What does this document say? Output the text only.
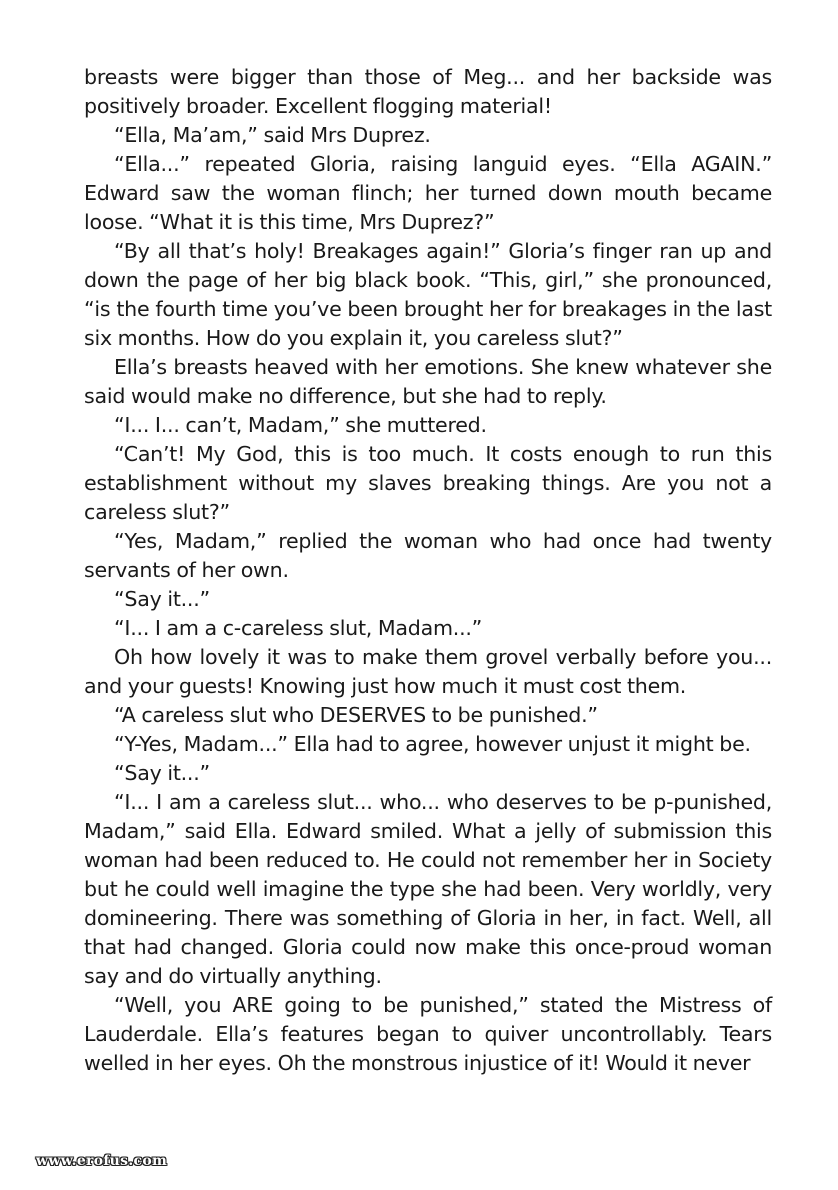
breasts were bigger than those of Meg... and her backside was positively broader. Excellent flogging material!

“Ella, Ma’am,” said Mrs Duprez.

“Ella...” repeated Gloria, raising languid eyes. “Ella AGAIN.” Edward saw the woman flinch; her turned down mouth became loose. “What it is this time, Mrs Duprez?”

“By all that’s holy! Breakages again!” Gloria’s finger ran up and down the page of her big black book. “This, girl,” she pronounced, “is the fourth time you’ve been brought her for breakages in the last six months. How do you explain it, you careless slut?”

Ella’s breasts heaved with her emotions. She knew whatever she said would make no difference, but she had to reply.

“I... I... can’t, Madam,” she muttered.

“Can’t! My God, this is too much. It costs enough to run this establishment without my slaves breaking things. Are you not a careless slut?”

“Yes, Madam,” replied the woman who had once had twenty servants of her own.

“Say it...”

“I... I am a c-careless slut, Madam...”

Oh how lovely it was to make them grovel verbally before you... and your guests! Knowing just how much it must cost them.

“A careless slut who DESERVES to be punished.”

“Y-Yes, Madam...” Ella had to agree, however unjust it might be.

“Say it...”

“I... I am a careless slut... who... who deserves to be p-punished, Madam,” said Ella. Edward smiled. What a jelly of submission this woman had been reduced to. He could not remember her in Society but he could well imagine the type she had been. Very worldly, very domineering. There was something of Gloria in her, in fact. Well, all that had changed. Gloria could now make this once-proud woman say and do virtually anything.

“Well, you ARE going to be punished,” stated the Mistress of Lauderdale. Ella’s features began to quiver uncontrollably. Tears welled in her eyes. Oh the monstrous injustice of it! Would it never

www.erofus.com
